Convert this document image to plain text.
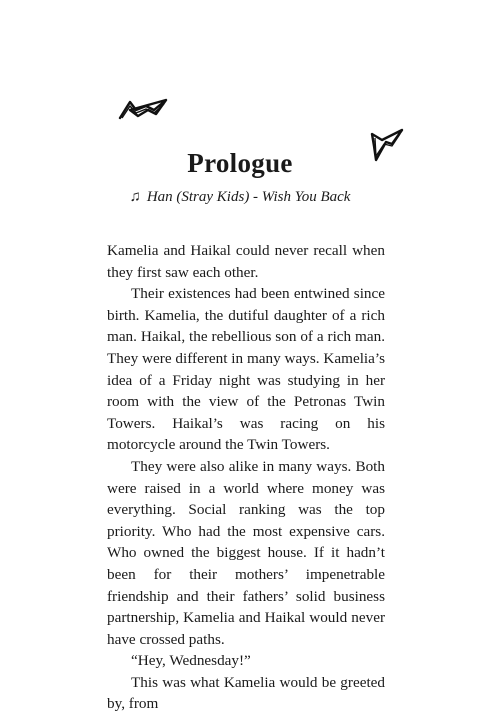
Prologue
♫ Han (Stray Kids) - Wish You Back

Kamelia and Haikal could never recall when they first saw each other.

Their existences had been entwined since birth. Kamelia, the dutiful daughter of a rich man. Haikal, the rebellious son of a rich man. They were different in many ways. Kamelia’s idea of a Friday night was studying in her room with the view of the Petronas Twin Towers. Haikal’s was racing on his motorcycle around the Twin Towers.

They were also alike in many ways. Both were raised in a world where money was everything. Social ranking was the top priority. Who had the most expensive cars. Who owned the biggest house. If it hadn’t been for their mothers’ impenetrable friendship and their fathers’ solid business partnership, Kamelia and Haikal would never have crossed paths.

“Hey, Wednesday!”

This was what Kamelia would be greeted by, from
